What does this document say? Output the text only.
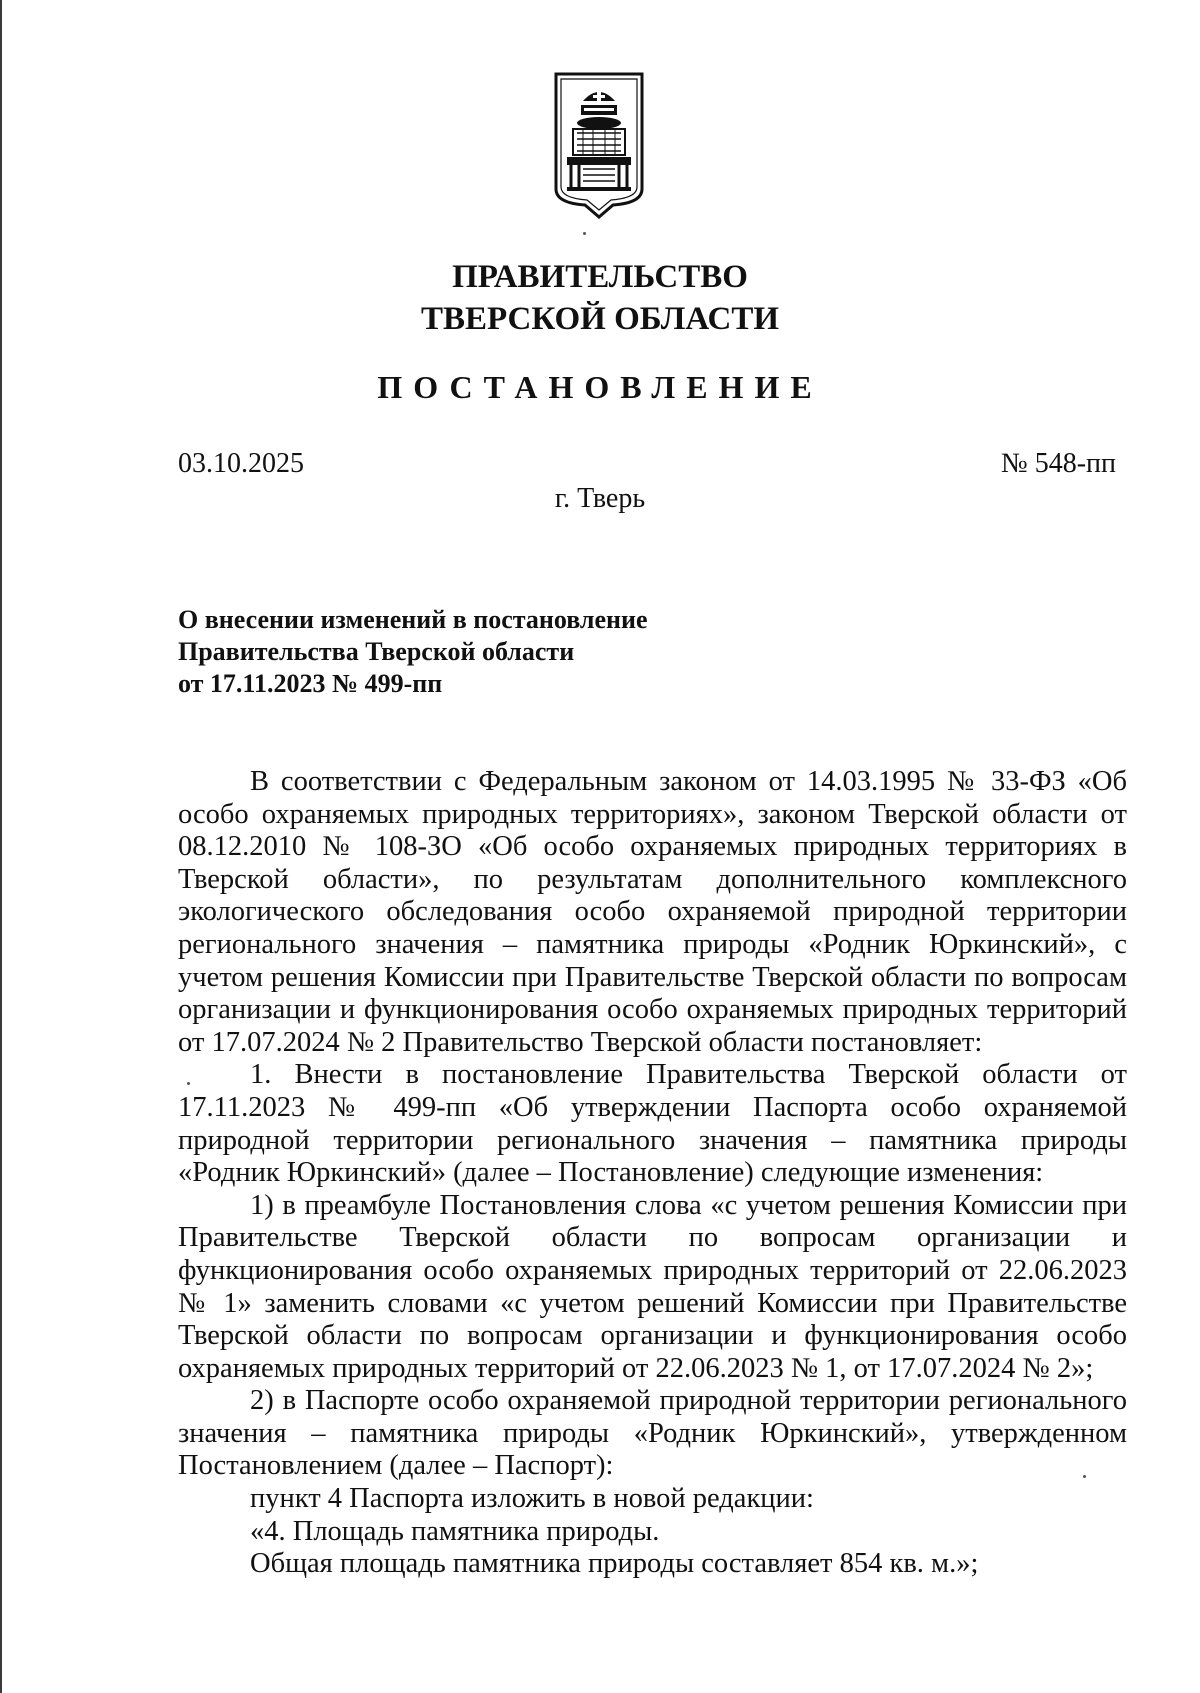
ПРАВИТЕЛЬСТВО
ТВЕРСКОЙ ОБЛАСТИ
ПОСТАНОВЛЕНИЕ
03.10.2025	№ 548-пп
г. Тверь
О внесении изменений в постановление
Правительства Тверской области
от 17.11.2023 № 499-пп

В соответствии с Федеральным законом от 14.03.1995 № 33-ФЗ «Об особо охраняемых природных территориях», законом Тверской области от 08.12.2010 № 108-ЗО «Об особо охраняемых природных территориях в Тверской области», по результатам дополнительного комплексного экологического обследования особо охраняемой природной территории регионального значения – памятника природы «Родник Юркинский», с учетом решения Комиссии при Правительстве Тверской области по вопросам организации и функционирования особо охраняемых природных территорий от 17.07.2024 № 2 Правительство Тверской области постановляет:

1. Внести в постановление Правительства Тверской области от 17.11.2023 № 499-пп «Об утверждении Паспорта особо охраняемой природной территории регионального значения – памятника природы «Родник Юркинский» (далее – Постановление) следующие изменения:

1) в преамбуле Постановления слова «с учетом решения Комиссии при Правительстве Тверской области по вопросам организации и функционирования особо охраняемых природных территорий от 22.06.2023 № 1» заменить словами «с учетом решений Комиссии при Правительстве Тверской области по вопросам организации и функционирования особо охраняемых природных территорий от 22.06.2023 № 1, от 17.07.2024 № 2»;

2) в Паспорте особо охраняемой природной территории регионального значения – памятника природы «Родник Юркинский», утвержденном Постановлением (далее – Паспорт):

пункт 4 Паспорта изложить в новой редакции:

«4. Площадь памятника природы.

Общая площадь памятника природы составляет 854 кв. м.»;
